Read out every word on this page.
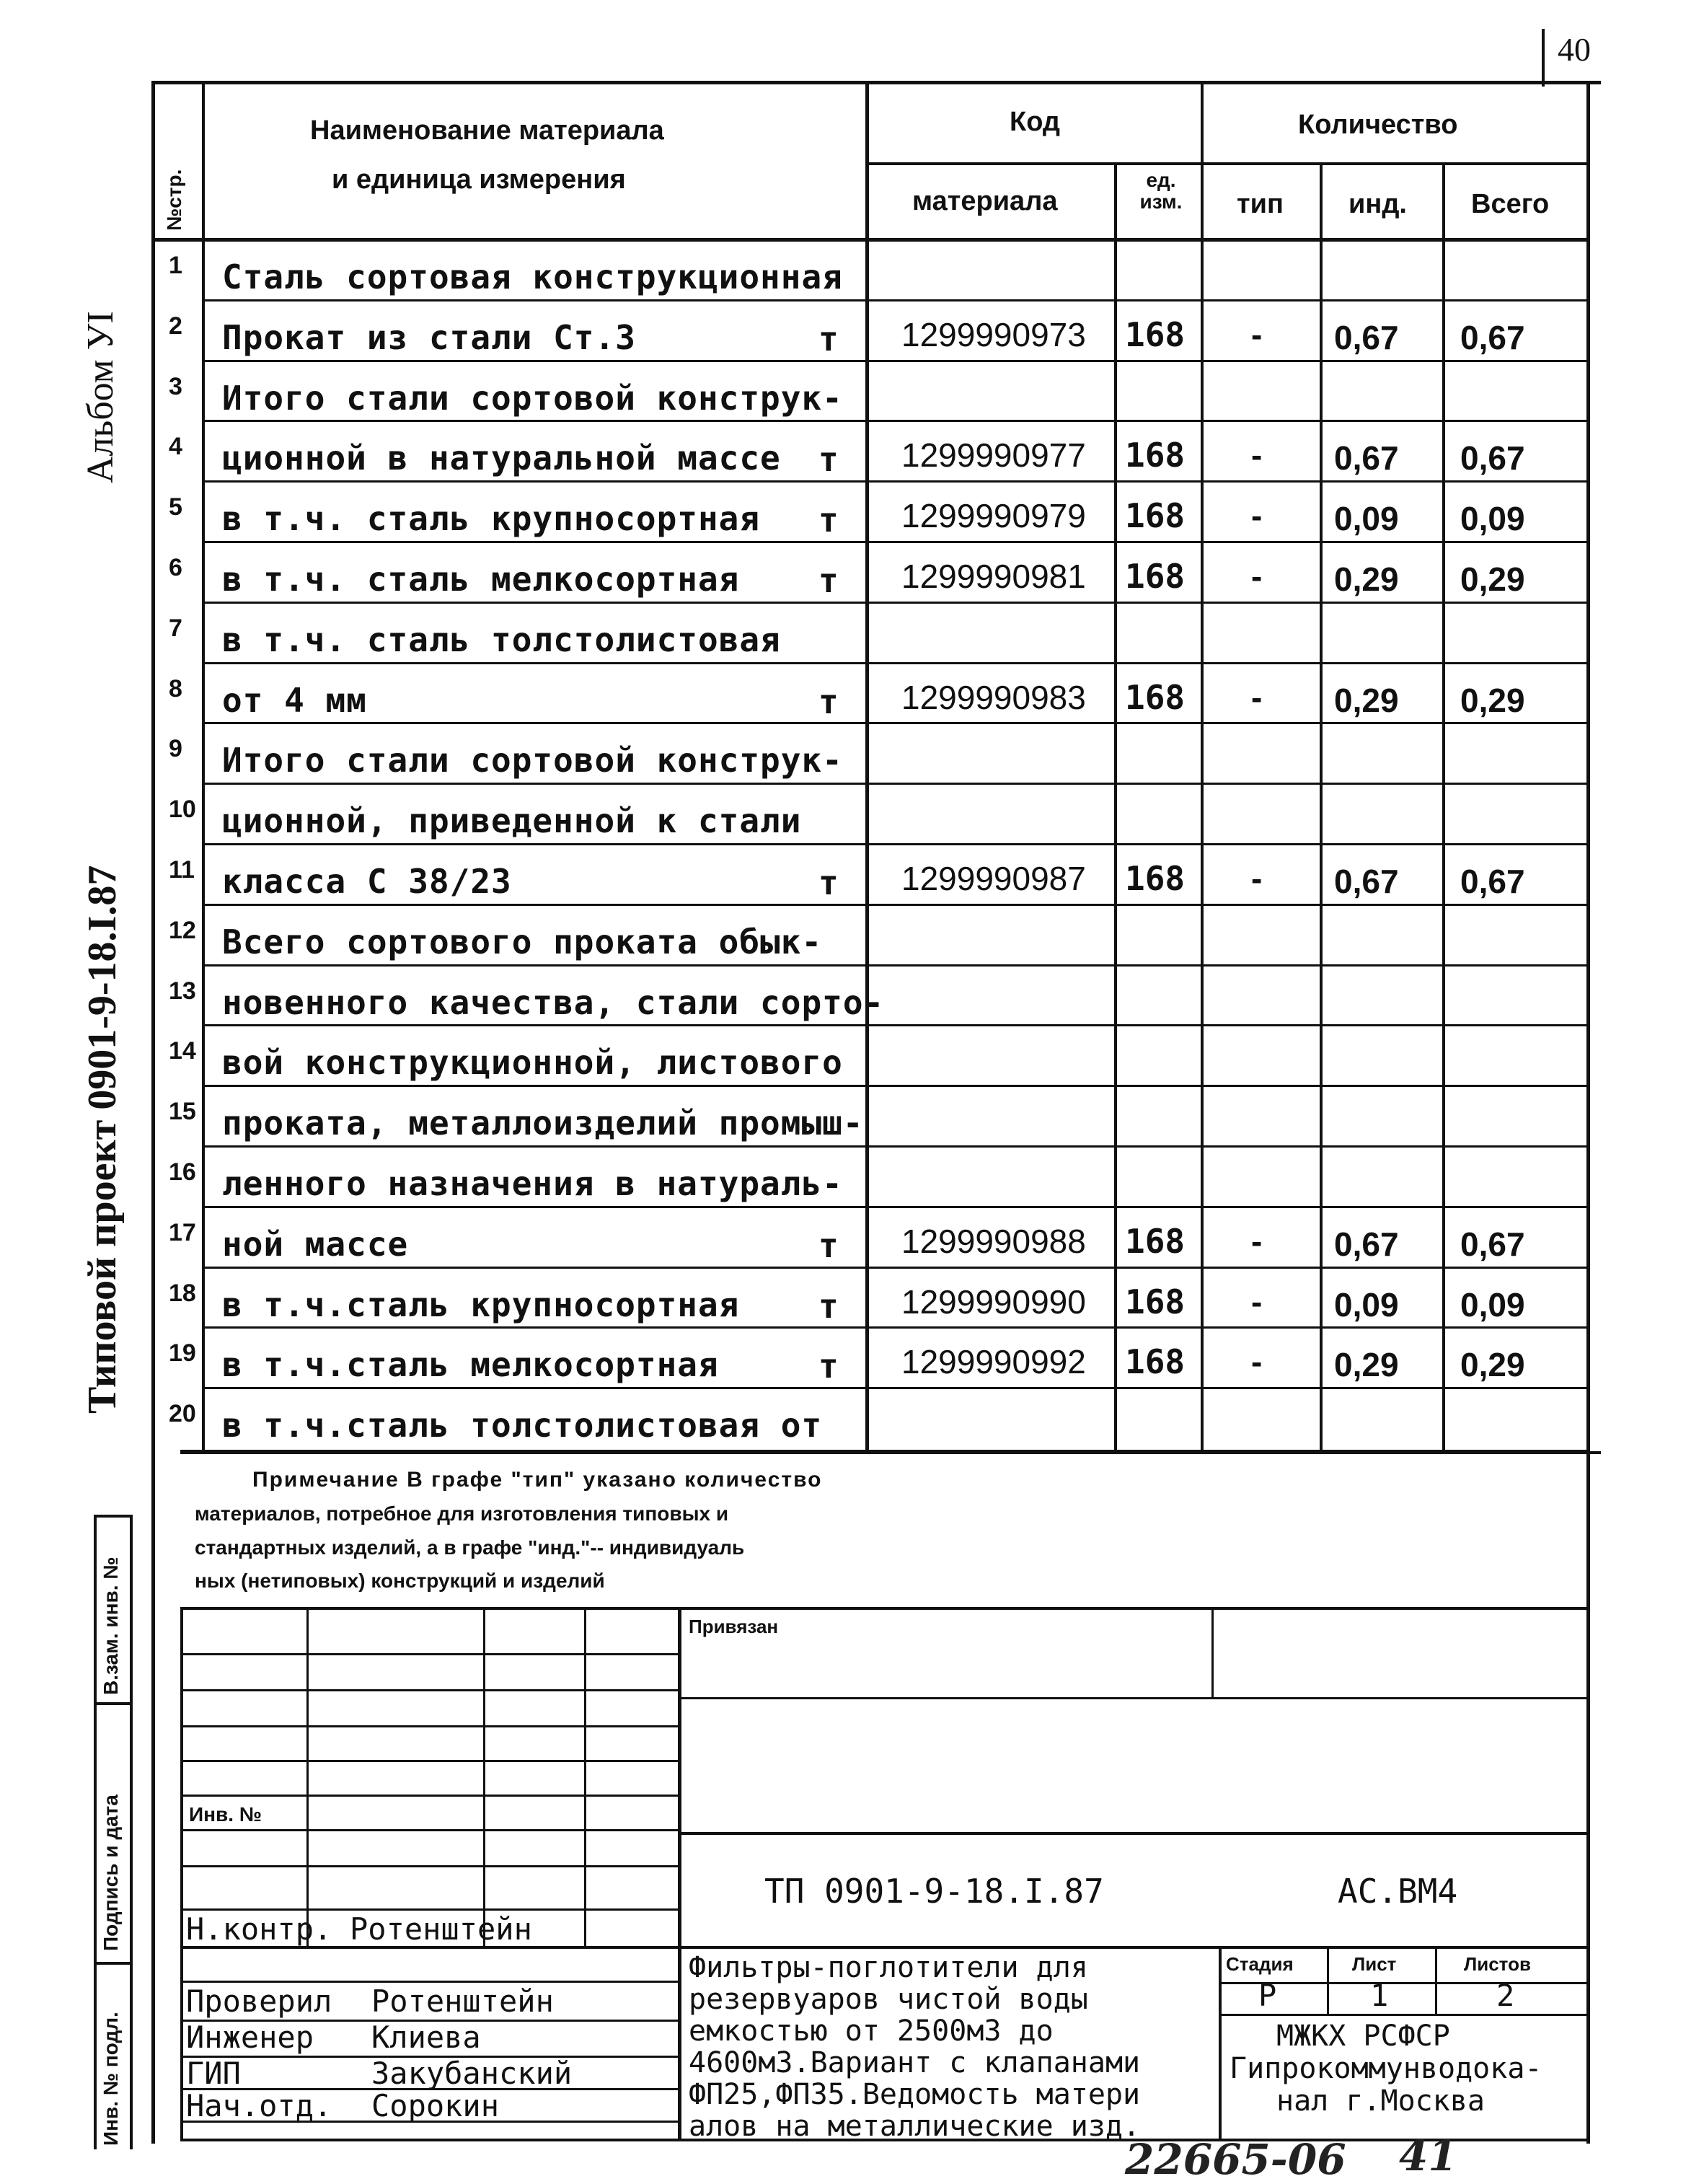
40
Альбом УI
Типовой проект 0901-9-18.I.87
В.зам. инв. №
Подпись и дата
Инв. № подл.
№стр.
Наименование материала
и единица измерения
Код
материала
ед. изм.
Количество
тип инд. Всего
1 Сталь сортовая конструкционная
2 Прокат из стали Ст.3	т 1299990973 168 - 0,67 0,67
3 Итого стали сортовой конструк-
4 ционной в натуральной массе т 1299990977 168 - 0,67 0,67
5 в т.ч. сталь крупносортная т 1299990979 168 - 0,09 0,09
6 в т.ч. сталь мелкосортная т 1299990981 168 - 0,29 0,29
7 в т.ч. сталь толстолистовая
8 от 4 мм	т 1299990983 168 - 0,29 0,29
9 Итого стали сортовой конструк-
10 ционной, приведенной к стали
11 класса С 38/23	т 1299990987 168 - 0,67 0,67
12 Всего сортового проката обык-
13 новенного качества, стали сорто-
14 вой конструкционной, листового
15 проката, металлоизделий промыш-
16 ленного назначения в натураль-
17 ной массе	т 1299990988 168 - 0,67 0,67
18 в т.ч.сталь крупносортная т 1299990990 168 - 0,09 0,09
19 в т.ч.сталь мелкосортная	т 1299990992 168 - 0,29 0,29
20 в т.ч.сталь толстолистовая от
Примечание В графе "тип" указано количество
материалов, потребное для изготовления типовых и
стандартных изделий, а в графе "инд."-- индивидуаль
ных (нетиповых) конструкций и изделий
Привязан
Инв. №
ТП 0901-9-18.I.87	АС.ВМ4
Н.контр. Ротенштейн
Проверил Ротенштейн
Инженер Клиева
ГИП	Закубанский
Нач.отд. Сорокин
Фильтры-поглотители для
резервуаров чистой воды
емкостью от 2500м3 до
4600м3.Вариант с клапанами
ФП25,ФП35.Ведомость матери
алов на металлические изд.
Стадия	Лист	Листов
Р	1	2
МЖКХ РСФСР
Гипрокоммунводока-
нал г.Москва
22665-06 41
